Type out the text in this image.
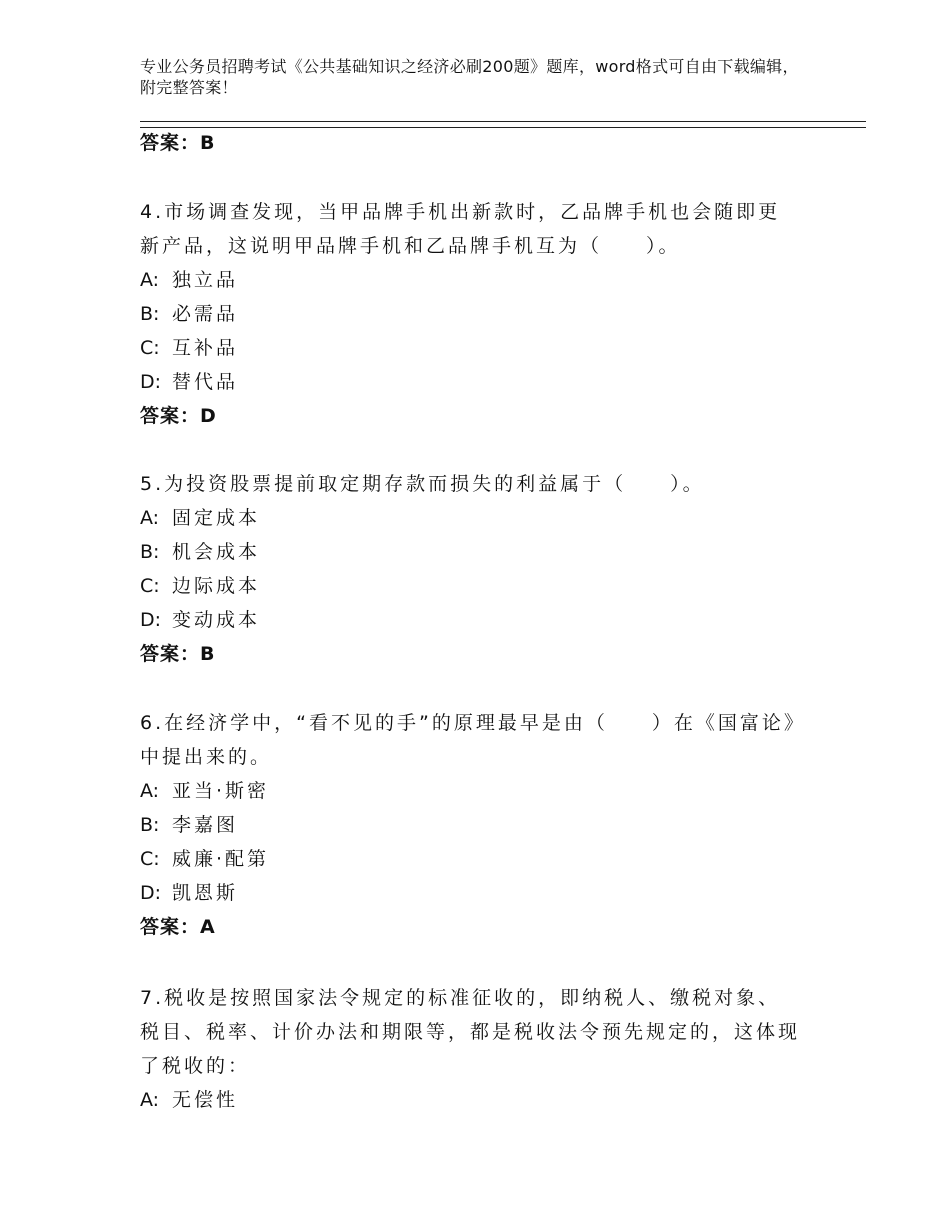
专业公务员招聘考试《公共基础知识之经济必刷200题》题库，word格式可自由下载编辑，附完整答案！
答案：B

4.市场调查发现，当甲品牌手机出新款时，乙品牌手机也会随即更新产品，这说明甲品牌手机和乙品牌手机互为（　　）。

A: 独立品
B: 必需品
C: 互补品
D: 替代品

答案：D

5.为投资股票提前取定期存款而损失的利益属于（　　）。

A: 固定成本
B: 机会成本
C: 边际成本
D: 变动成本

答案：B

6.在经济学中，“看不见的手”的原理最早是由（　　）在《国富论》中提出来的。

A: 亚当·斯密
B: 李嘉图
C: 威廉·配第
D: 凯恩斯

答案：A

7.税收是按照国家法令规定的标准征收的，即纳税人、缴税对象、税目、税率、计价办法和期限等，都是税收法令预先规定的，这体现了税收的：

A: 无偿性
